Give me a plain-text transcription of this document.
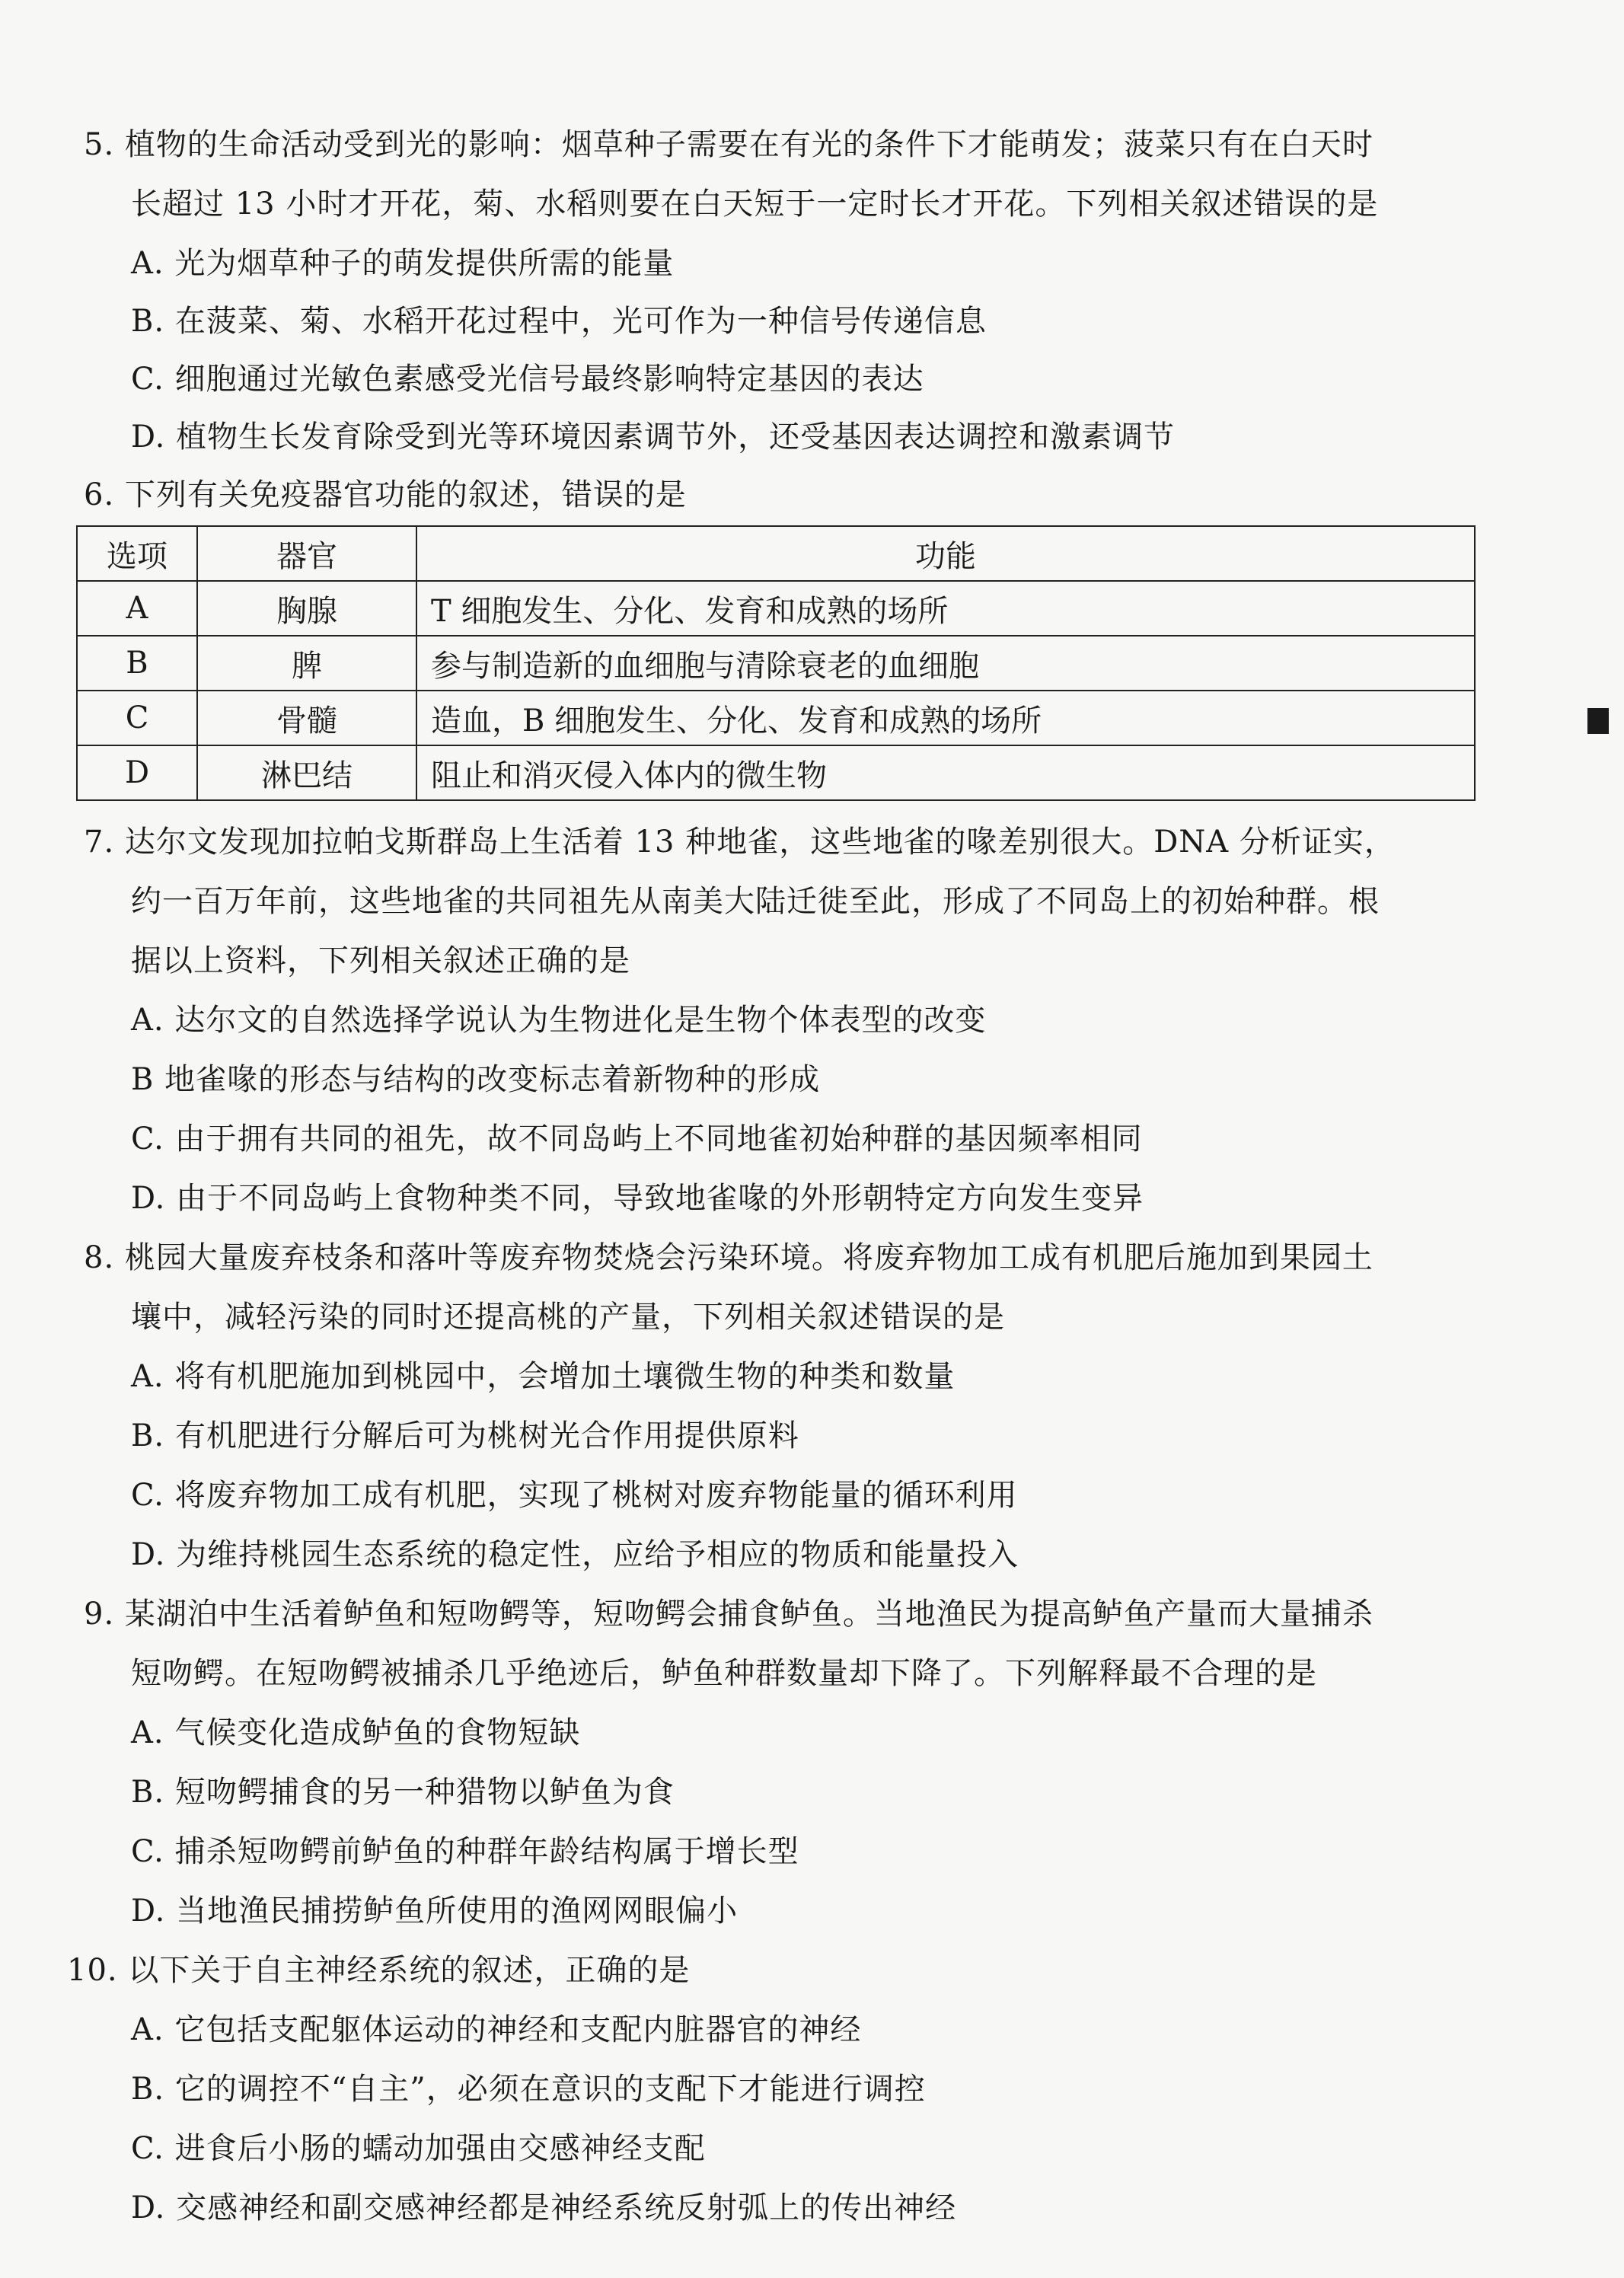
5. 植物的生命活动受到光的影响：烟草种子需要在有光的条件下才能萌发；菠菜只有在白天时
长超过 13 小时才开花，菊、水稻则要在白天短于一定时长才开花。下列相关叙述错误的是
A. 光为烟草种子的萌发提供所需的能量
B. 在菠菜、菊、水稻开花过程中，光可作为一种信号传递信息
C. 细胞通过光敏色素感受光信号最终影响特定基因的表达
D. 植物生长发育除受到光等环境因素调节外，还受基因表达调控和激素调节
6. 下列有关免疫器官功能的叙述，错误的是
选项	器官	功能
A	胸腺	T 细胞发生、分化、发育和成熟的场所
B	脾	参与制造新的血细胞与清除衰老的血细胞
C	骨髓	造血，B 细胞发生、分化、发育和成熟的场所
D	淋巴结	阻止和消灭侵入体内的微生物
7. 达尔文发现加拉帕戈斯群岛上生活着 13 种地雀，这些地雀的喙差别很大。DNA 分析证实，
约一百万年前，这些地雀的共同祖先从南美大陆迁徙至此，形成了不同岛上的初始种群。根
据以上资料，下列相关叙述正确的是
A. 达尔文的自然选择学说认为生物进化是生物个体表型的改变
B 地雀喙的形态与结构的改变标志着新物种的形成
C. 由于拥有共同的祖先，故不同岛屿上不同地雀初始种群的基因频率相同
D. 由于不同岛屿上食物种类不同，导致地雀喙的外形朝特定方向发生变异
8. 桃园大量废弃枝条和落叶等废弃物焚烧会污染环境。将废弃物加工成有机肥后施加到果园土
壤中，减轻污染的同时还提高桃的产量，下列相关叙述错误的是
A. 将有机肥施加到桃园中，会增加土壤微生物的种类和数量
B. 有机肥进行分解后可为桃树光合作用提供原料
C. 将废弃物加工成有机肥，实现了桃树对废弃物能量的循环利用
D. 为维持桃园生态系统的稳定性，应给予相应的物质和能量投入
9. 某湖泊中生活着鲈鱼和短吻鳄等，短吻鳄会捕食鲈鱼。当地渔民为提高鲈鱼产量而大量捕杀
短吻鳄。在短吻鳄被捕杀几乎绝迹后，鲈鱼种群数量却下降了。下列解释最不合理的是
A. 气候变化造成鲈鱼的食物短缺
B. 短吻鳄捕食的另一种猎物以鲈鱼为食
C. 捕杀短吻鳄前鲈鱼的种群年龄结构属于增长型
D. 当地渔民捕捞鲈鱼所使用的渔网网眼偏小
10. 以下关于自主神经系统的叙述，正确的是
A. 它包括支配躯体运动的神经和支配内脏器官的神经
B. 它的调控不“自主”，必须在意识的支配下才能进行调控
C. 进食后小肠的蠕动加强由交感神经支配
D. 交感神经和副交感神经都是神经系统反射弧上的传出神经
